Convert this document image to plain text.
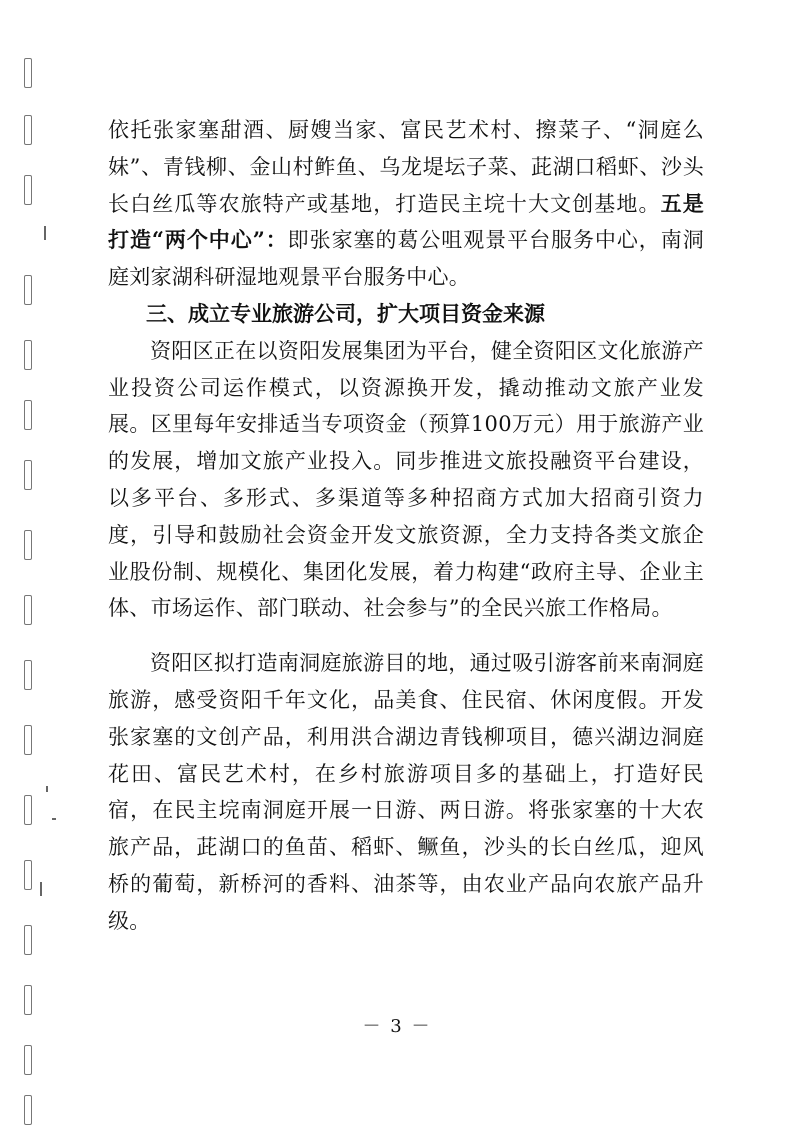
依托张家塞甜酒、厨嫂当家、富民艺术村、擦菜子、“洞庭么妹”、青钱柳、金山村鲊鱼、乌龙堤坛子菜、茈湖口稻虾、沙头长白丝瓜等农旅特产或基地，打造民主垸十大文创基地。五是打造“两个中心”：即张家塞的葛公咀观景平台服务中心，南洞庭刘家湖科研湿地观景平台服务中心。

三、成立专业旅游公司，扩大项目资金来源

资阳区正在以资阳发展集团为平台，健全资阳区文化旅游产业投资公司运作模式，以资源换开发，撬动推动文旅产业发展。区里每年安排适当专项资金（预算100万元）用于旅游产业的发展，增加文旅产业投入。同步推进文旅投融资平台建设，以多平台、多形式、多渠道等多种招商方式加大招商引资力度，引导和鼓励社会资金开发文旅资源，全力支持各类文旅企业股份制、规模化、集团化发展，着力构建“政府主导、企业主体、市场运作、部门联动、社会参与”的全民兴旅工作格局。

资阳区拟打造南洞庭旅游目的地，通过吸引游客前来南洞庭旅游，感受资阳千年文化，品美食、住民宿、休闲度假。开发张家塞的文创产品，利用洪合湖边青钱柳项目，德兴湖边洞庭花田、富民艺术村，在乡村旅游项目多的基础上，打造好民宿，在民主垸南洞庭开展一日游、两日游。将张家塞的十大农旅产品，茈湖口的鱼苗、稻虾、鳜鱼，沙头的长白丝瓜，迎风桥的葡萄，新桥河的香料、油茶等，由农业产品向农旅产品升级。

－ 3 －
